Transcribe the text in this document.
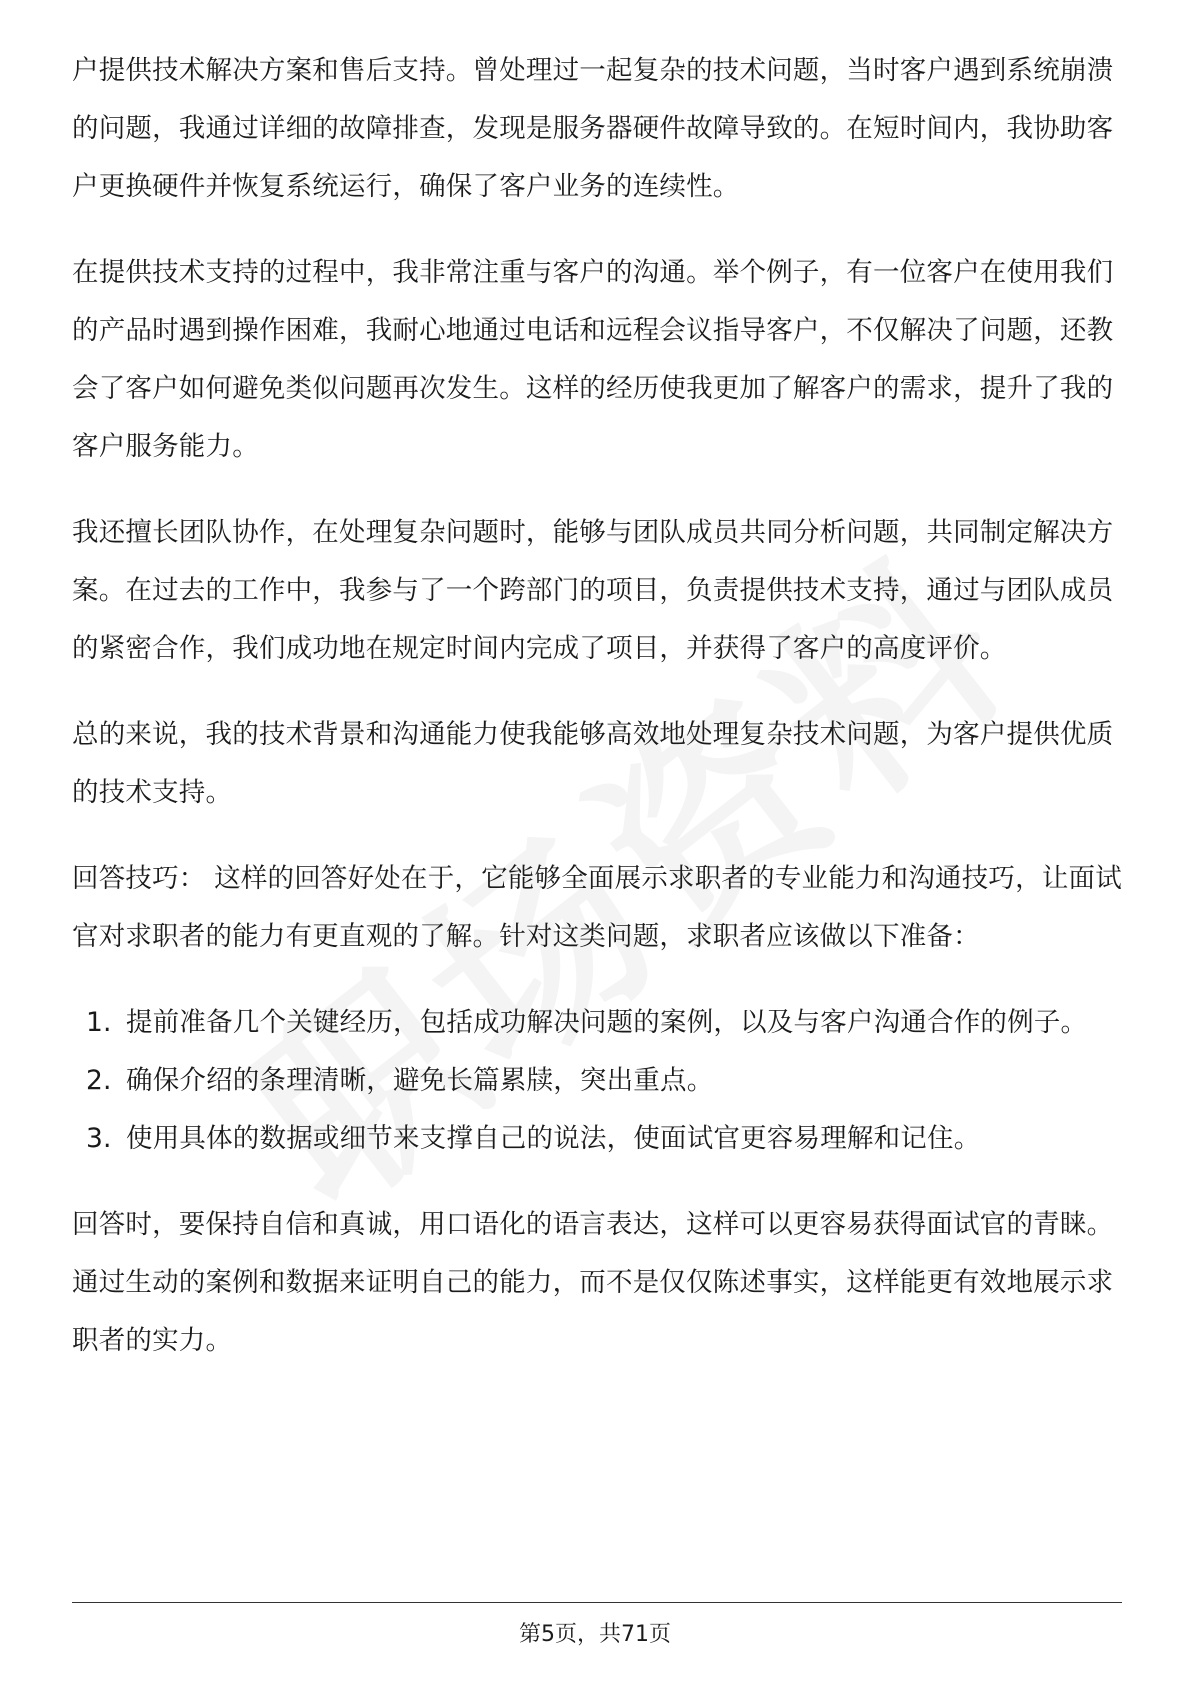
户提供技术解决方案和售后支持。曾处理过一起复杂的技术问题，当时客户遇到系统崩溃的问题，我通过详细的故障排查，发现是服务器硬件故障导致的。在短时间内，我协助客户更换硬件并恢复系统运行，确保了客户业务的连续性。

在提供技术支持的过程中，我非常注重与客户的沟通。举个例子，有一位客户在使用我们的产品时遇到操作困难，我耐心地通过电话和远程会议指导客户，不仅解决了问题，还教会了客户如何避免类似问题再次发生。这样的经历使我更加了解客户的需求，提升了我的客户服务能力。

我还擅长团队协作，在处理复杂问题时，能够与团队成员共同分析问题，共同制定解决方案。在过去的工作中，我参与了一个跨部门的项目，负责提供技术支持，通过与团队成员的紧密合作，我们成功地在规定时间内完成了项目，并获得了客户的高度评价。

总的来说，我的技术背景和沟通能力使我能够高效地处理复杂技术问题，为客户提供优质的技术支持。

回答技巧： 这样的回答好处在于，它能够全面展示求职者的专业能力和沟通技巧，让面试官对求职者的能力有更直观的了解。针对这类问题，求职者应该做以下准备：

1. 提前准备几个关键经历，包括成功解决问题的案例，以及与客户沟通合作的例子。
2. 确保介绍的条理清晰，避免长篇累牍，突出重点。
3. 使用具体的数据或细节来支撑自己的说法，使面试官更容易理解和记住。

回答时，要保持自信和真诚，用口语化的语言表达，这样可以更容易获得面试官的青睐。通过生动的案例和数据来证明自己的能力，而不是仅仅陈述事实，这样能更有效地展示求职者的实力。

第5页，共71页
